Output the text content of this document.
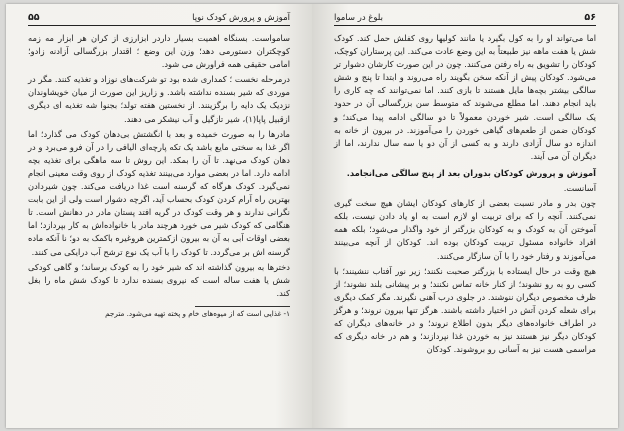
آموزش و پرورش کودک نوپا
۵۵

سامواست. بسنگاه اهمیت بسیار داردر ابزارزی از کران هر ابزار مه زمه کوچکتران دستورمی دهد؛ وزن این وضع ؛ اقتدار بزرگسالی آزادنه زادو؛ امامی حقیقی همه فراورش می شود.

درمرحله نخست ؛ کمداری شده بود تو شرکت‌های نوزاد و تغذیه کنند. مگر در موردی که شیر بسنده نداشته باشد. و زاریز این صورت از میان خویشاوندان نزدیک یک دایه را برگزینند. از نخستین هفته تولد؛ بجنوا شه تغذیه ای دیگری ازقبیل پاپا(۱)، شیر تازگیل و آب نیشکر می دهند.

مادرها را به صورت خمیده و بعد با انگشتش بی‌دهان کودک می گذارد؛ اما اگر غذا به سختی مایع باشد یک تکه پارچه‌ای الیافی را در آن فرو می‌برد و در دهان کودک می‌نهد. تا آن را بمکد. این روش تا سه ماهگی برای تغذیه بچه ادامه دارد. اما در بعضی موارد می‌بینند تغذیه کودک از روی وقت معینی انجام نمی‌گیرد. کودک هرگاه که گرسنه است غذا دریافت می‌کند. چون شیردادن بهترین راه آرام کردن کودک بحساب آید، اگرچه دشوار است ولی از این بابت نگرانی ندارند و هر وقت کودک در گریه افتد پستان مادر در دهانش است. تا هنگامی که کودک شیر می خورد هرچند مادر با خانواده‌اش به کار بپردازد؛ اما بعضی اوقات آبی به آن به بیرون ازکمترین هروغیره باکمک به دو؛ نا آنکه ماده گرسنه اش بر می‌گردد. تا کودک را با آب یک نوع ترشح آب درایکی می کنند.

دخترها به بیرون گذاشته اند که شیر خود را به کودک برساند؛ و گاهی کودکی شش یا هفت ساله است که نیروی بسنده ندارد تا کودک شش ماه را بغل کند.

۱- غذایی است که از میوه‌های خام و پخته تهیه می‌شود. مترجم
۵۶
بلوغ در ساموا

اما می‌تواند او را به کول بگیرد یا مانند کولیها روی کفلش حمل کند. کودک شش یا هفت ماهه نیز طبیعتاً به این وضع عادت می‌کند. این پرستاران کوچک، کودکان را تشویق به راه رفتن می‌کنند. چون در این صورت کارشان دشوار تر می‌شود. کودکان پیش از آنکه سخن بگویند راه می‌روند و ابتدا تا پنج و شش سالگی بیشتر بچه‌ها مایل هستند تا بازی کنند. اما نمی‌توانند که چه کاری را باید انجام دهند. اما مطلع می‌شوند که متوسط سن بزرگسالی آن در حدود یک سالگی است. شیر خوردن معمولاً تا دو سالگی ادامه پیدا می‌کند؛ و کودکان ضمن از طعم‌های گیاهی خوردن را می‌آموزند. در بیرون از خانه به اندازه دو سال آزادی دارند و به کسی از آن دو یا سه سال ندارند، اما از دیگران آن می آیند.

آموزش و پرورش کودکان بدوران بعد از پنج سالگی می‌انجامد.

آسانست.

چون بدر و مادر نسبت بعضی از کارهای کودکان ایشان هیچ سخت گیری نمی‌کنند. آنچه را که برای تربیت او لازم است به او یاد دادن نیست، بلکه آموختن آن به کودک و به کودکان بزرگتر از خود واگذار می‌شود؛ بلکه همه افراد خانواده مسئول تربیت کودکان بوده اند. کودکان از آنچه می‌بینند می‌آموزند و رفتار خود را با آن سازگار می‌کنند.

هیچ وقت در حال ایستاده با بزرگتر صحبت نکنند؛ زیر نور آفتاب ننشینند؛ با کسی رو به رو نشوند؛ از کنار خانه تماس نکنند؛ و بر پیشانی بلند نشوند؛ از ظرف مخصوص دیگران ننوشند. در جلوی درب آهنی نگیرند. مگر کمک دیگری برای شعله کردن آتش در اختیار داشته باشند. هرگز تنها بیرون نروند؛ و هرگز در اطراف خانواده‌های دیگر بدون اطلاع نروند؛ و در خانه‌های دیگران که کودکان دیگر نیز هستند نیز به خوردن غذا نپردازند؛ و هم در خانه دیگری که مراسمی هست نیز به آسانی رو بروشوند. کودکان
